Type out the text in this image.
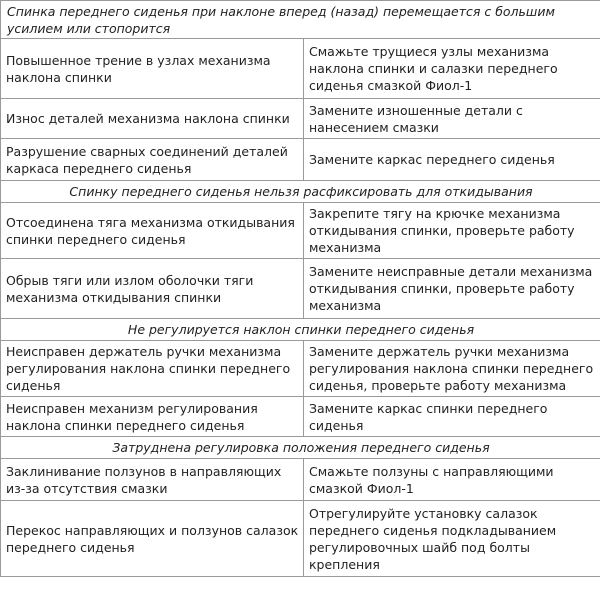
Спинка переднего сиденья при наклоне вперед (назад) перемещается с большим усилием или стопорится	

Повышенное трение в узлах механизма наклона спинки	Смажьте трущиеся узлы механизма наклона спинки и салазки переднего сиденья смазкой Фиол-1

Износ деталей механизма наклона спинки	Замените изношенные детали с нанесением смазки

Разрушение сварных соединений деталей каркаса переднего сиденья	Замените каркас переднего сиденья

Спинку переднего сиденья нельзя расфиксировать для откидывания	

Отсоединена тяга механизма откидывания спинки переднего сиденья	Закрепите тягу на крючке механизма откидывания спинки, проверьте работу механизма

Обрыв тяги или излом оболочки тяги механизма откидывания спинки	Замените неисправные детали механизма откидывания спинки, проверьте работу механизма

Не регулируется наклон спинки переднего сиденья	

Неисправен держатель ручки механизма регулирования наклона спинки переднего сиденья	Замените держатель ручки механизма регулирования наклона спинки переднего сиденья, проверьте работу механизма

Неисправен механизм регулирования наклона спинки переднего сиденья	Замените каркас спинки переднего сиденья

Затруднена регулировка положения переднего сиденья	

Заклинивание ползунов в направляющих из-за отсутствия смазки	Смажьте ползуны с направляющими смазкой Фиол-1

Перекос направляющих и ползунов салазок переднего сиденья	Отрегулируйте установку салазок переднего сиденья подкладыванием регулировочных шайб под болты крепления
